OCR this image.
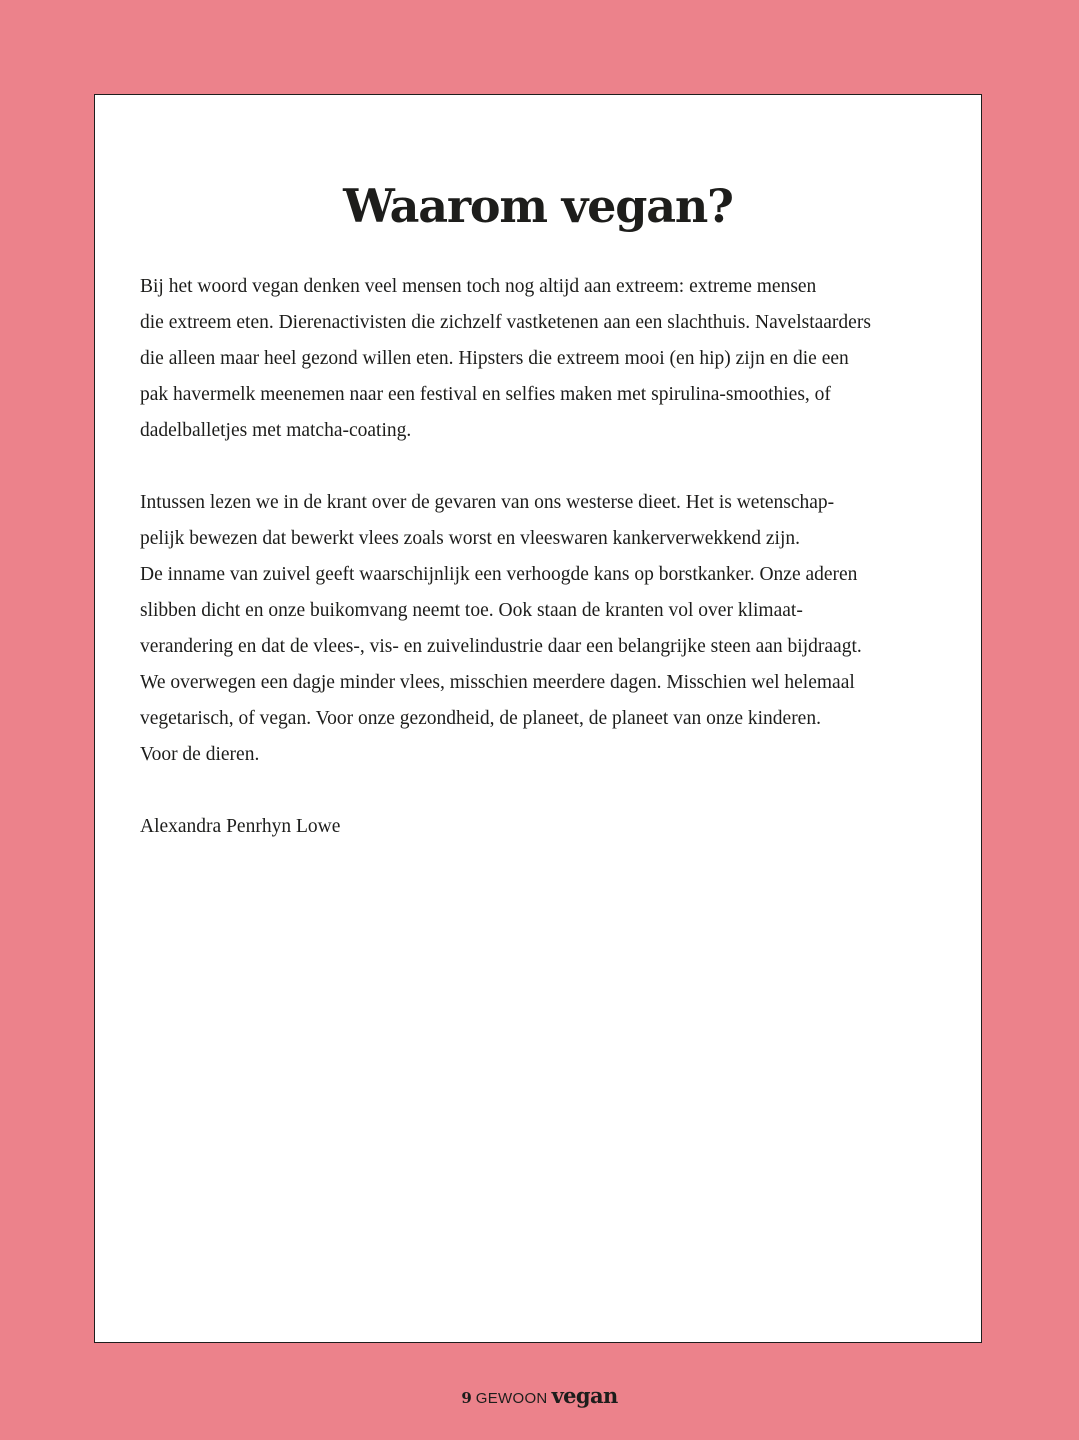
Waarom vegan?

Bij het woord vegan denken veel mensen toch nog altijd aan extreem: extreme mensen
die extreem eten. Dierenactivisten die zichzelf vastketenen aan een slachthuis. Navelstaarders
die alleen maar heel gezond willen eten. Hipsters die extreem mooi (en hip) zijn en die een
pak havermelk meenemen naar een festival en selfies maken met spirulina-smoothies, of
dadelballetjes met matcha-coating.

Intussen lezen we in de krant over de gevaren van ons westerse dieet. Het is wetenschap-
pelijk bewezen dat bewerkt vlees zoals worst en vleeswaren kankerverwekkend zijn.
De inname van zuivel geeft waarschijnlijk een verhoogde kans op borstkanker. Onze aderen
slibben dicht en onze buikomvang neemt toe. Ook staan de kranten vol over klimaat-
verandering en dat de vlees-, vis- en zuivelindustrie daar een belangrijke steen aan bijdraagt.
We overwegen een dagje minder vlees, misschien meerdere dagen. Misschien wel helemaal
vegetarisch, of vegan. Voor onze gezondheid, de planeet, de planeet van onze kinderen.
Voor de dieren.

Alexandra Penrhyn Lowe

9 GEWOON vegan
